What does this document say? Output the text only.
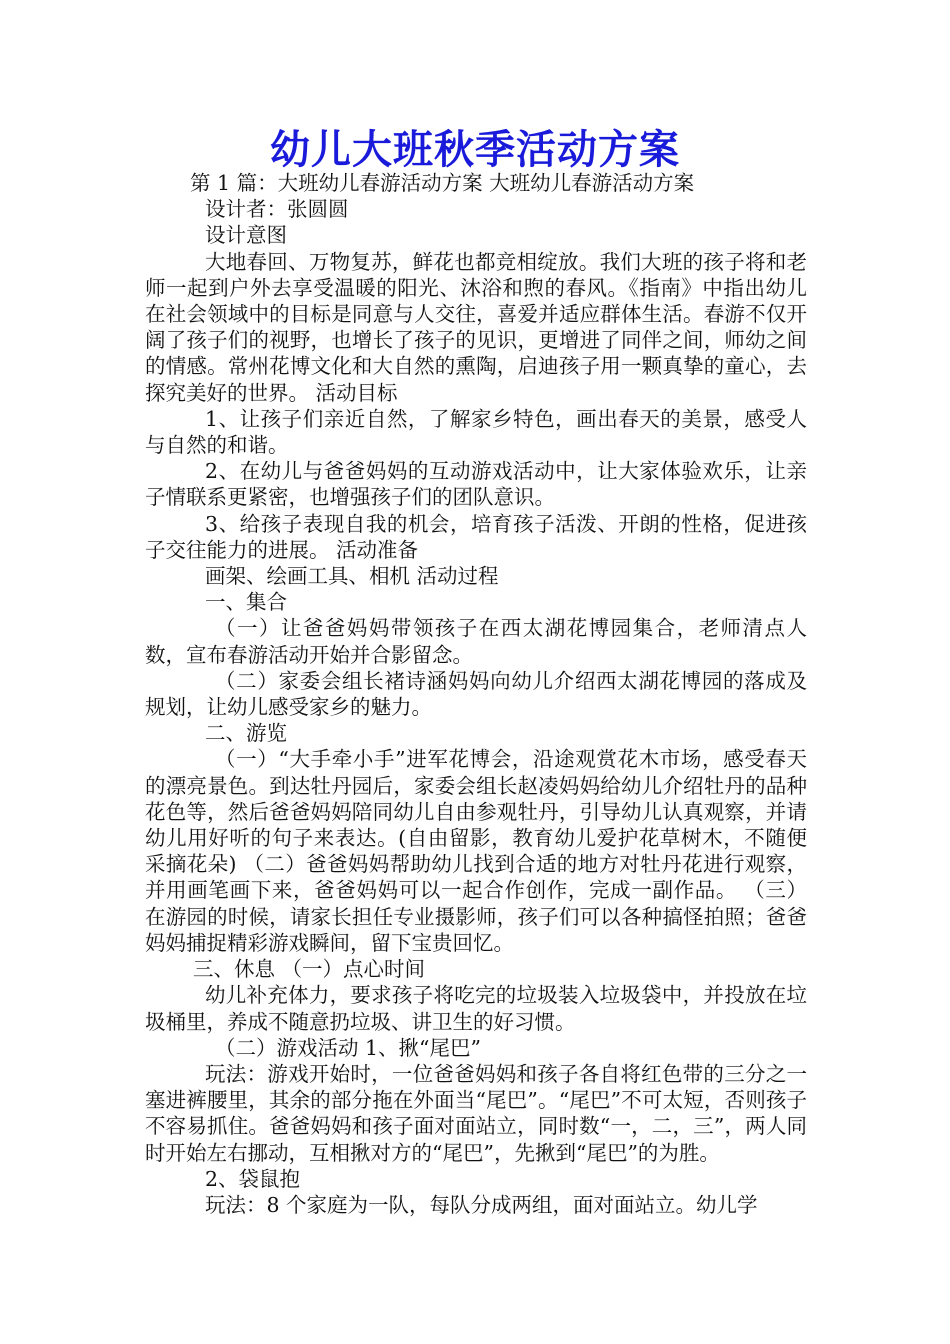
幼儿大班秋季活动方案

第 1 篇：大班幼儿春游活动方案 大班幼儿春游活动方案

设计者：张圆圆

设计意图

大地春回、万物复苏，鲜花也都竞相绽放。我们大班的孩子将和老师一起到户外去享受温暖的阳光、沐浴和煦的春风。《指南》中指出幼儿在社会领域中的目标是同意与人交往，喜爱并适应群体生活。春游不仅开阔了孩子们的视野，也增长了孩子的见识，更增进了同伴之间，师幼之间的情感。常州花博文化和大自然的熏陶，启迪孩子用一颗真挚的童心，去探究美好的世界。 活动目标

1、让孩子们亲近自然，了解家乡特色，画出春天的美景，感受人与自然的和谐。

2、在幼儿与爸爸妈妈的互动游戏活动中，让大家体验欢乐，让亲子情联系更紧密，也增强孩子们的团队意识。

3、给孩子表现自我的机会，培育孩子活泼、开朗的性格，促进孩子交往能力的进展。 活动准备

画架、绘画工具、相机 活动过程

一、集合

（一）让爸爸妈妈带领孩子在西太湖花博园集合，老师清点人数，宣布春游活动开始并合影留念。

（二）家委会组长褚诗涵妈妈向幼儿介绍西太湖花博园的落成及规划，让幼儿感受家乡的魅力。

二、游览

（一）“大手牵小手”进军花博会，沿途观赏花木市场，感受春天的漂亮景色。到达牡丹园后，家委会组长赵凌妈妈给幼儿介绍牡丹的品种花色等，然后爸爸妈妈陪同幼儿自由参观牡丹，引导幼儿认真观察，并请幼儿用好听的句子来表达。(自由留影，教育幼儿爱护花草树木，不随便采摘花朵) （二）爸爸妈妈帮助幼儿找到合适的地方对牡丹花进行观察，并用画笔画下来，爸爸妈妈可以一起合作创作，完成一副作品。 （三）在游园的时候，请家长担任专业摄影师，孩子们可以各种搞怪拍照；爸爸妈妈捕捉精彩游戏瞬间，留下宝贵回忆。

三、休息 （一）点心时间

幼儿补充体力，要求孩子将吃完的垃圾装入垃圾袋中，并投放在垃圾桶里，养成不随意扔垃圾、讲卫生的好习惯。

（二）游戏活动 1、揪“尾巴”

玩法：游戏开始时，一位爸爸妈妈和孩子各自将红色带的三分之一塞进裤腰里，其余的部分拖在外面当“尾巴”。“尾巴”不可太短，否则孩子不容易抓住。爸爸妈妈和孩子面对面站立，同时数“一，二，三”，两人同时开始左右挪动，互相揪对方的“尾巴”，先揪到“尾巴”的为胜。

2、袋鼠抱

玩法：8 个家庭为一队，每队分成两组，面对面站立。幼儿学
